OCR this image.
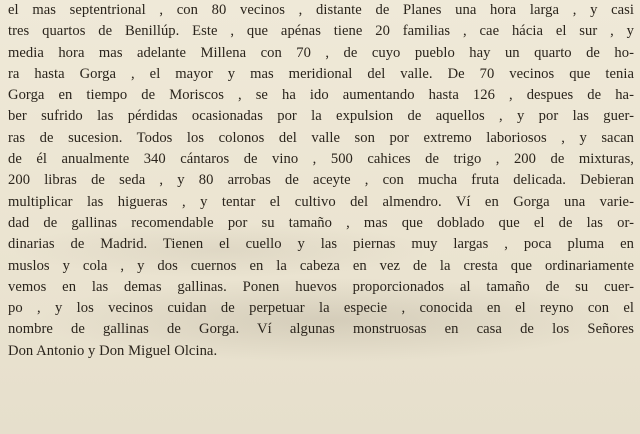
el mas septentrional , con 80 vecinos , distante de Planes una hora larga , y casi
tres quartos de Benillúp. Este , que apénas tiene 20 familias , cae hácia el sur , y
media hora mas adelante Millena con 70 , de cuyo pueblo hay un quarto de ho-
ra hasta Gorga , el mayor y mas meridional del valle. De 70 vecinos que tenia
Gorga en tiempo de Moriscos , se ha ido aumentando hasta 126 , despues de ha-
ber sufrido las pérdidas ocasionadas por la expulsion de aquellos , y por las guer-
ras de sucesion. Todos los colonos del valle son por extremo laboriosos , y sacan
de él anualmente 340 cántaros de vino , 500 cahices de trigo , 200 de mixturas,
200 libras de seda , y 80 arrobas de aceyte , con mucha fruta delicada. Debieran
multiplicar las higueras , y tentar el cultivo del almendro. Ví en Gorga una varie-
dad de gallinas recomendable por su tamaño , mas que doblado que el de las or-
dinarias de Madrid. Tienen el cuello y las piernas muy largas , poca pluma en
muslos y cola , y dos cuernos en la cabeza en vez de la cresta que ordinariamente
vemos en las demas gallinas. Ponen huevos proporcionados al tamaño de su cuer-
po , y los vecinos cuidan de perpetuar la especie , conocida en el reyno con el
nombre de gallinas de Gorga. Ví algunas monstruosas en casa de los Señores
Don Antonio y Don Miguel Olcina.
